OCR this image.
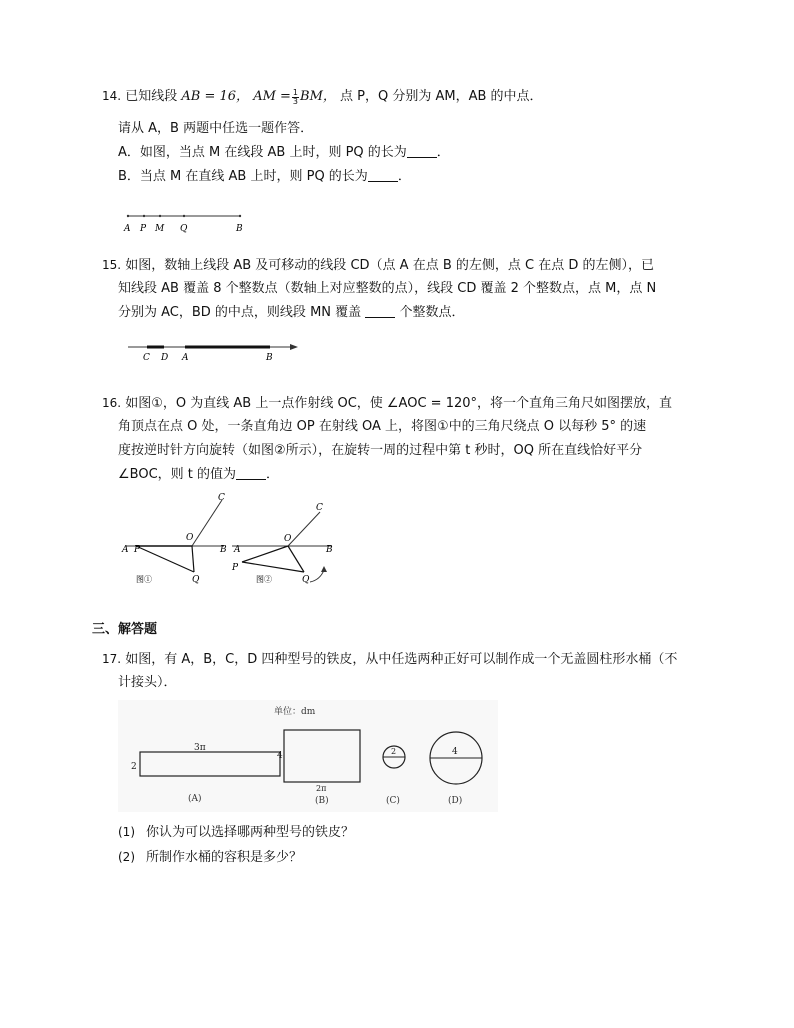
14. 已知线段 AB = 16， AM = $\frac{1}{3}$ BM， 点 P，Q 分别为 AM，AB 的中点．
请从 A，B 两题中任选一题作答．
A．如图，当点 M 在线段 AB 上时，则 PQ 的长为 ．
B．当点 M 在直线 AB 上时，则 PQ 的长为 ．
A P M Q	B
15. 如图，数轴上线段 AB 及可移动的线段 CD（点 A 在点 B 的左侧，点 C 在点 D 的左侧），已
知线段 AB 覆盖 8 个整数点（数轴上对应整数的点），线段 CD 覆盖 2 个整数点，点 M，点 N
分别为 AC，BD 的中点，则线段 MN 覆盖	个整数点．
C D A	B
16. 如图①，O 为直线 AB 上一点作射线 OC，使 ∠AOC = 120°，将一个直角三角尺如图摆放，直
角顶点在点 O 处，一条直角边 OP 在射线 OA 上，将图①中的三角尺绕点 O 以每秒 5° 的速
度按逆时针方向旋转（如图②所示），在旋转一周的过程中第 t 秒时，OQ 所在直线恰好平分
∠BOC，则 t 的值为 ．
C
A P
O
B
Q
图①
C
A
O
B
P
Q
图②
三、解答题
17. 如图，有 A，B，C，D 四种型号的铁皮，从中任选两种正好可以制作成一个无盖圆柱形水桶（不
计接头）．
单位：dm
3π
2
(A)
4
2π
(B)
2
(C)
4
(D)
(1) 你认为可以选择哪两种型号的铁皮？
(2) 所制作水桶的容积是多少？
